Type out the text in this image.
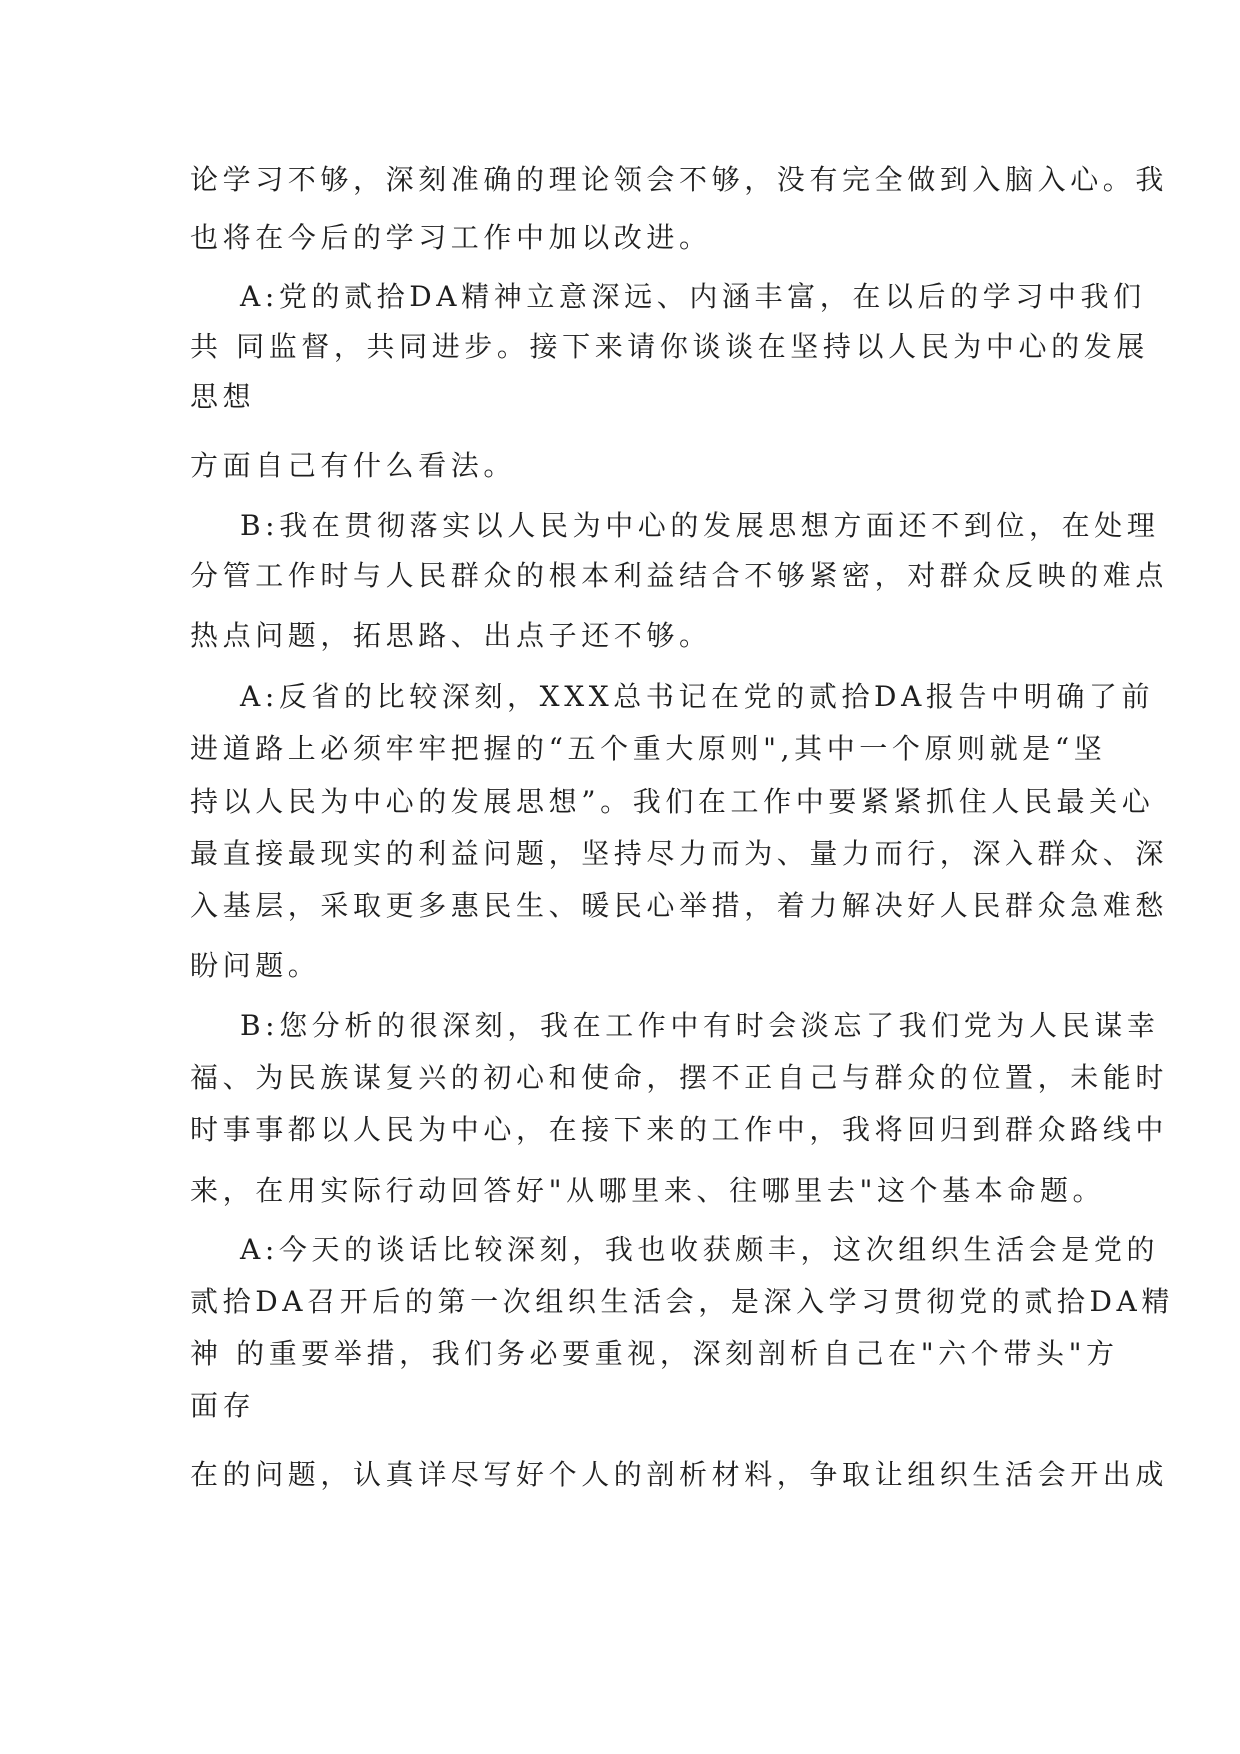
论学习不够，深刻准确的理论领会不够，没有完全做到入脑入心。我
也将在今后的学习工作中加以改进。
A:党的贰拾DA精神立意深远、内涵丰富，在以后的学习中我们
共 同监督，共同进步。接下来请你谈谈在坚持以人民为中心的发展
思想
方面自己有什么看法。
B:我在贯彻落实以人民为中心的发展思想方面还不到位，在处理
分管工作时与人民群众的根本利益结合不够紧密，对群众反映的难点
热点问题，拓思路、出点子还不够。
A:反省的比较深刻，XXX总书记在党的贰拾DA报告中明确了前
进道路上必须牢牢把握的“五个重大原则",其中一个原则就是“坚
持以人民为中心的发展思想”。我们在工作中要紧紧抓住人民最关心
最直接最现实的利益问题，坚持尽力而为、量力而行，深入群众、深
入基层，采取更多惠民生、暖民心举措，着力解决好人民群众急难愁
盼问题。
B:您分析的很深刻，我在工作中有时会淡忘了我们党为人民谋幸
福、为民族谋复兴的初心和使命，摆不正自己与群众的位置，未能时
时事事都以人民为中心，在接下来的工作中，我将回归到群众路线中
来，在用实际行动回答好"从哪里来、往哪里去"这个基本命题。
A:今天的谈话比较深刻，我也收获颇丰，这次组织生活会是党的
贰拾DA召开后的第一次组织生活会，是深入学习贯彻党的贰拾DA精
神 的重要举措，我们务必要重视，深刻剖析自己在"六个带头"方
面存
在的问题，认真详尽写好个人的剖析材料，争取让组织生活会开出成
